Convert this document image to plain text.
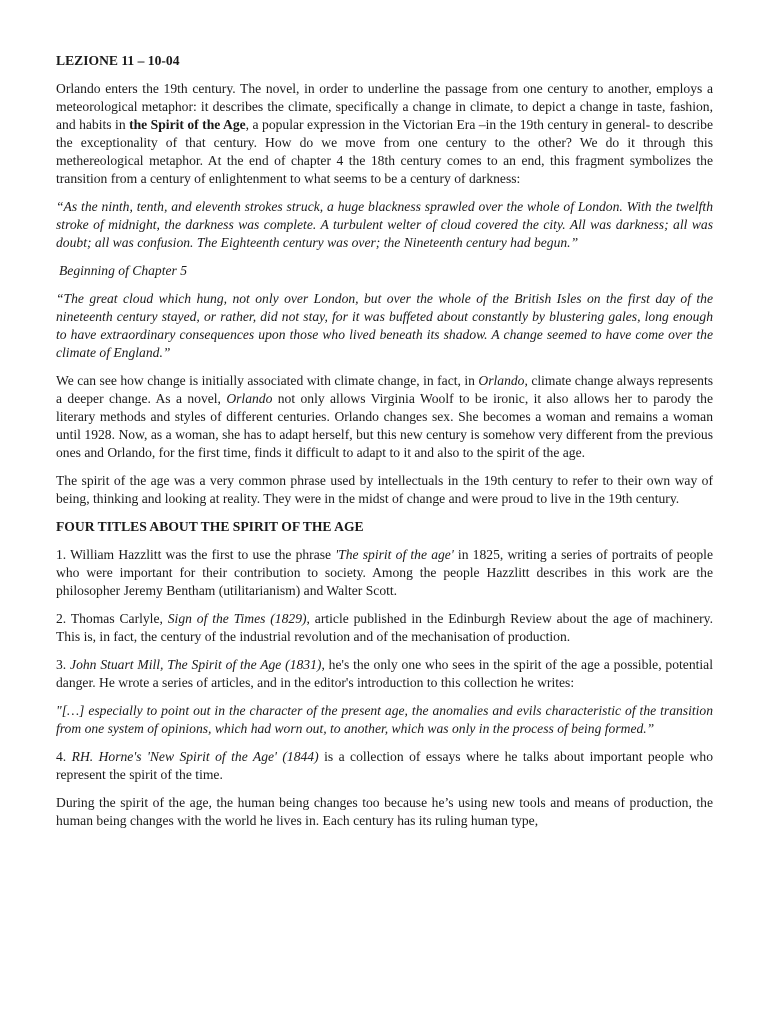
LEZIONE 11 – 10-04

Orlando enters the 19th century. The novel, in order to underline the passage from one century to another, employs a meteorological metaphor: it describes the climate, specifically a change in climate, to depict a change in taste, fashion, and habits in the Spirit of the Age, a popular expression in the Victorian Era –in the 19th century in general- to describe the exceptionality of that century. How do we move from one century to the other? We do it through this methereological metaphor. At the end of chapter 4 the 18th century comes to an end, this fragment symbolizes the transition from a century of enlightenment to what seems to be a century of darkness:

“As the ninth, tenth, and eleventh strokes struck, a huge blackness sprawled over the whole of London. With the twelfth stroke of midnight, the darkness was complete. A turbulent welter of cloud covered the city. All was darkness; all was doubt; all was confusion. The Eighteenth century was over; the Nineteenth century had begun.”

Beginning of Chapter 5

“The great cloud which hung, not only over London, but over the whole of the British Isles on the first day of the nineteenth century stayed, or rather, did not stay, for it was buffeted about constantly by blustering gales, long enough to have extraordinary consequences upon those who lived beneath its shadow. A change seemed to have come over the climate of England.”

We can see how change is initially associated with climate change, in fact, in Orlando, climate change always represents a deeper change. As a novel, Orlando not only allows Virginia Woolf to be ironic, it also allows her to parody the literary methods and styles of different centuries. Orlando changes sex. She becomes a woman and remains a woman until 1928. Now, as a woman, she has to adapt herself, but this new century is somehow very different from the previous ones and Orlando, for the first time, finds it difficult to adapt to it and also to the spirit of the age.

The spirit of the age was a very common phrase used by intellectuals in the 19th century to refer to their own way of being, thinking and looking at reality. They were in the midst of change and were proud to live in the 19th century.

FOUR TITLES ABOUT THE SPIRIT OF THE AGE

1. William Hazzlitt was the first to use the phrase 'The spirit of the age' in 1825, writing a series of portraits of people who were important for their contribution to society. Among the people Hazzlitt describes in this work are the philosopher Jeremy Bentham (utilitarianism) and Walter Scott.

2. Thomas Carlyle, Sign of the Times (1829), article published in the Edinburgh Review about the age of machinery. This is, in fact, the century of the industrial revolution and of the mechanisation of production.

3. John Stuart Mill, The Spirit of the Age (1831), he's the only one who sees in the spirit of the age a possible, potential danger. He wrote a series of articles, and in the editor's introduction to this collection he writes:

"[…] especially to point out in the character of the present age, the anomalies and evils characteristic of the transition from one system of opinions, which had worn out, to another, which was only in the process of being formed.”

4. RH. Horne's 'New Spirit of the Age' (1844) is a collection of essays where he talks about important people who represent the spirit of the time.

During the spirit of the age, the human being changes too because he’s using new tools and means of production, the human being changes with the world he lives in. Each century has its ruling human type,
